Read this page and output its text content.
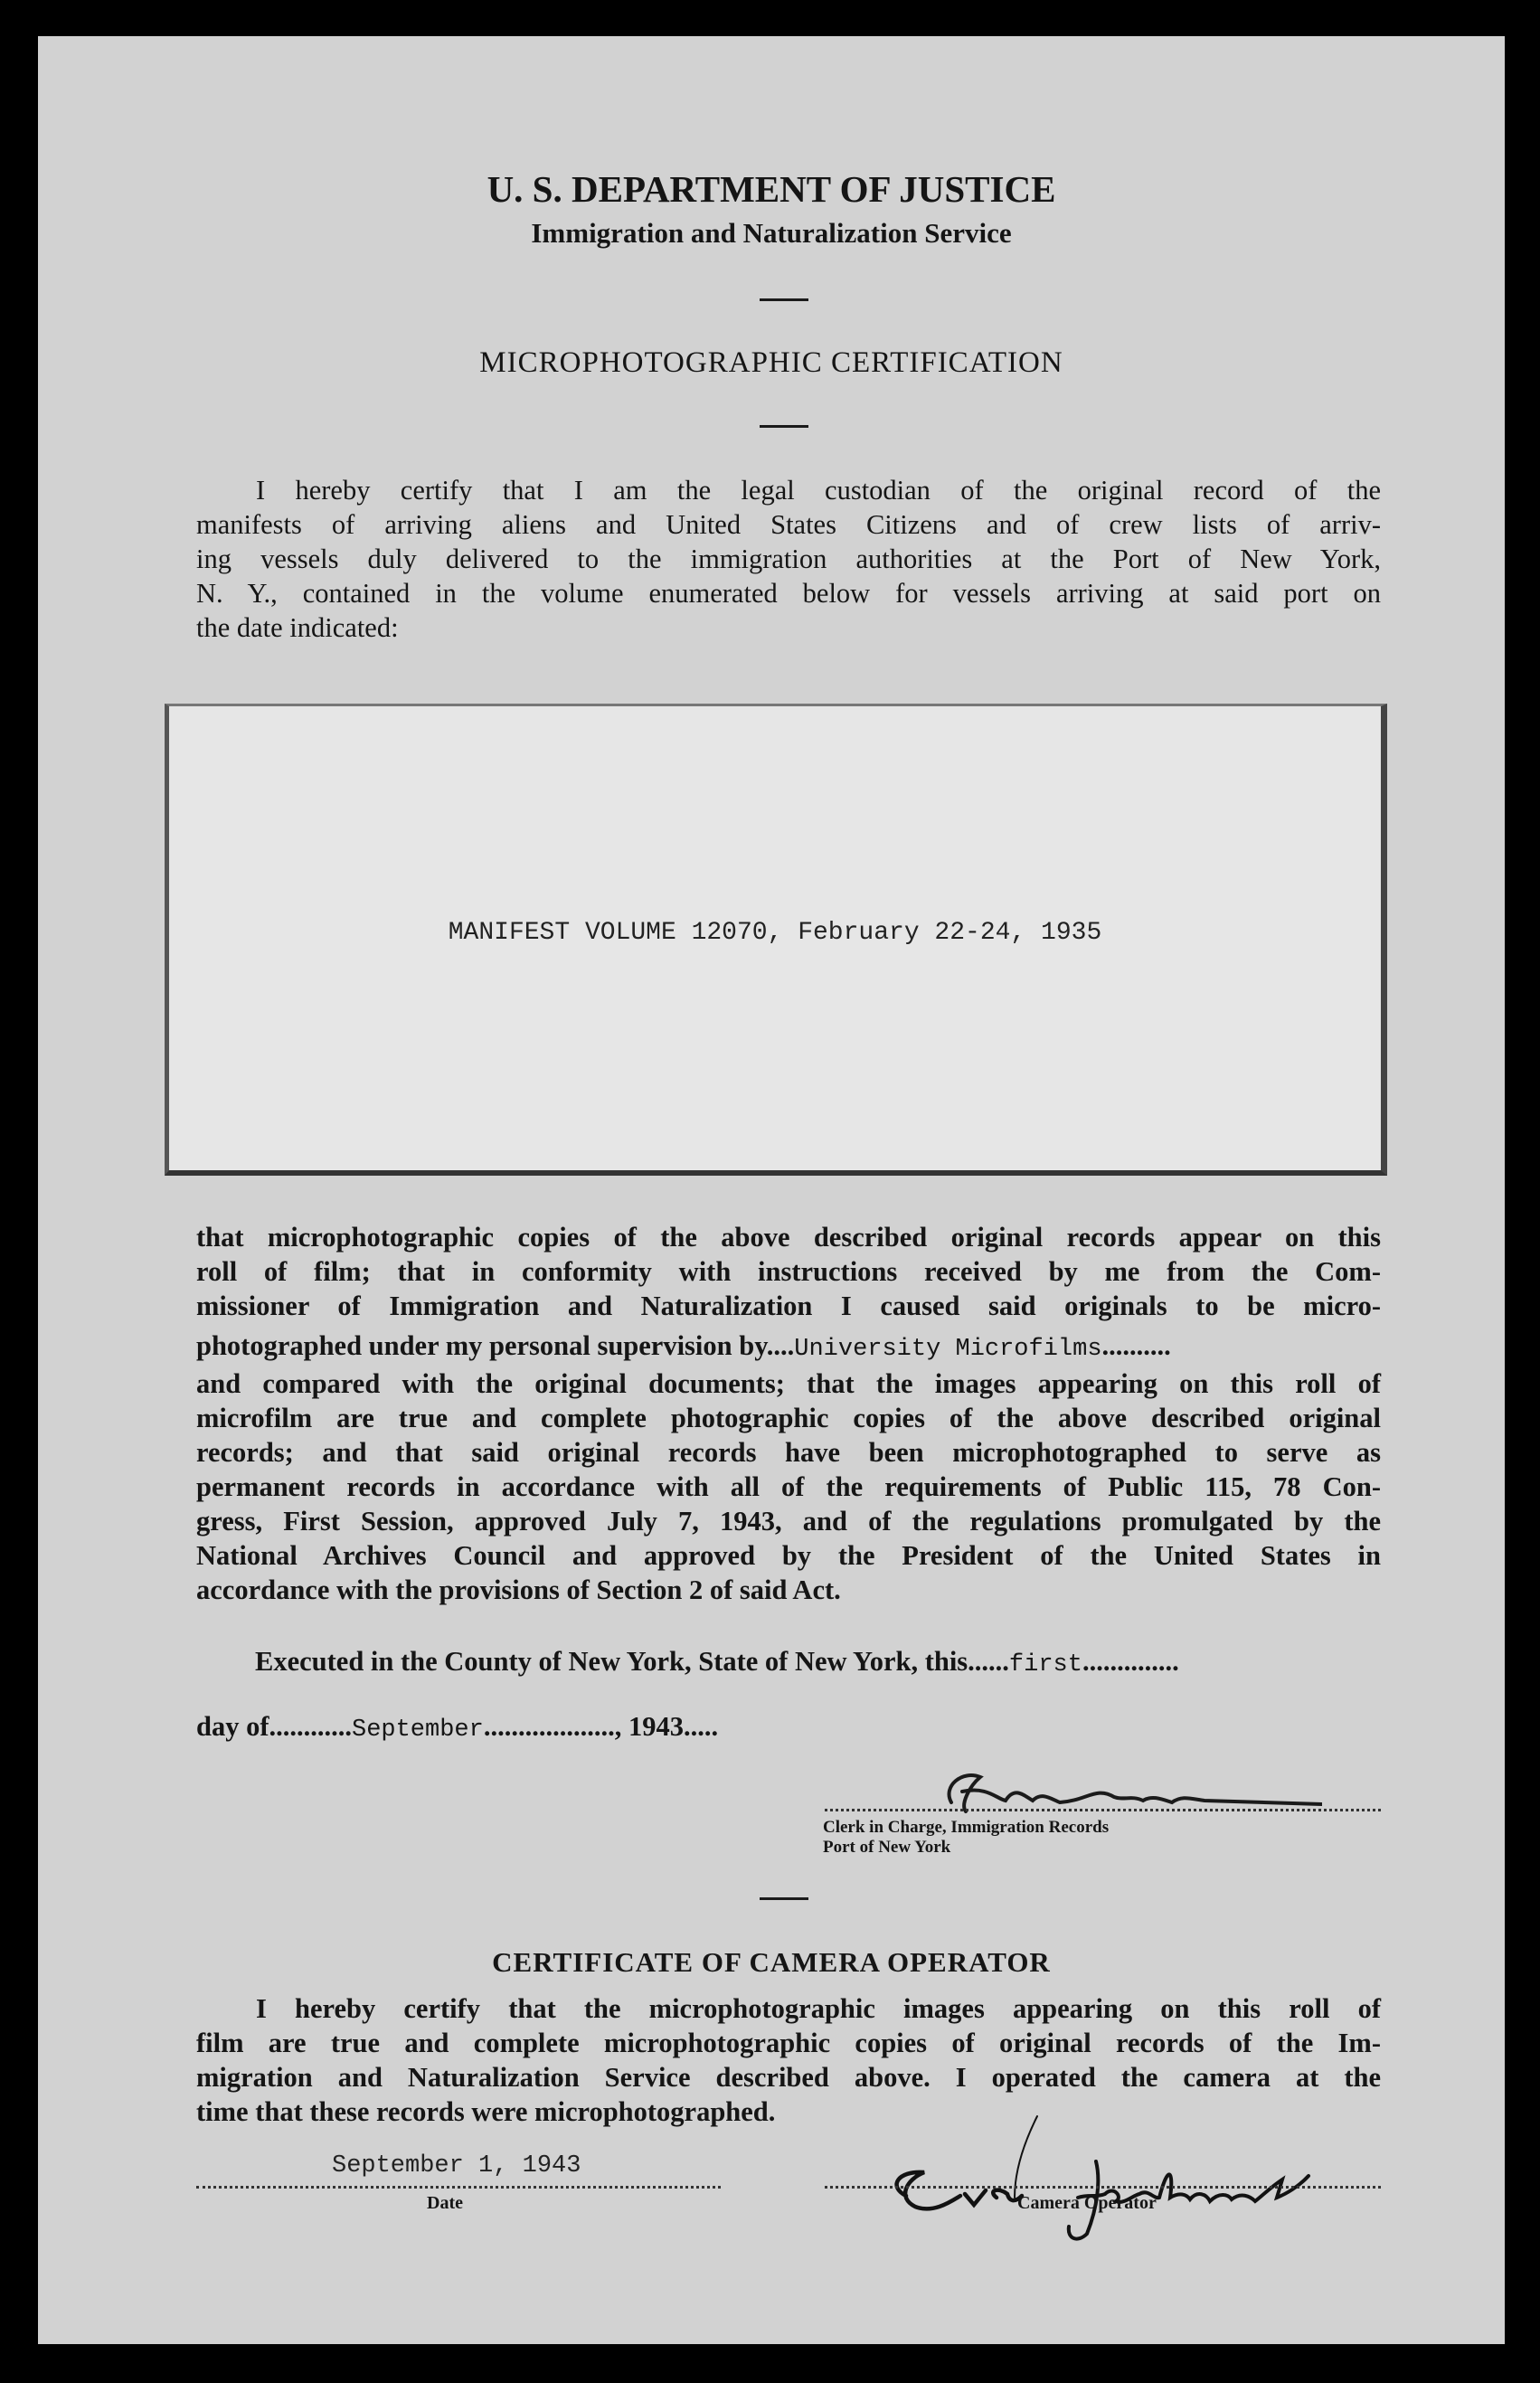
U. S. DEPARTMENT OF JUSTICE
Immigration and Naturalization Service
MICROPHOTOGRAPHIC CERTIFICATION
I hereby certify that I am the legal custodian of the original record of the
manifests of arriving aliens and United States Citizens and of crew lists of arriv-
ing vessels duly delivered to the immigration authorities at the Port of New York,
N. Y., contained in the volume enumerated below for vessels arriving at said port on
the date indicated:
MANIFEST VOLUME 12070, February 22-24, 1935
that microphotographic copies of the above described original records appear on this
roll of film; that in conformity with instructions received by me from the Com-
missioner of Immigration and Naturalization I caused said originals to be micro-
photographed under my personal supervision by....University Microfilms..........
and compared with the original documents; that the images appearing on this roll of
microfilm are true and complete photographic copies of the above described original
records; and that said original records have been microphotographed to serve as
permanent records in accordance with all of the requirements of Public 115, 78 Con-
gress, First Session, approved July 7, 1943, and of the regulations promulgated by the
National Archives Council and approved by the President of the United States in
accordance with the provisions of Section 2 of said Act.
Executed in the County of New York, State of New York, this......first..............
day of............September..................., 1943.....
Clerk in Charge, Immigration Records
Port of New York
CERTIFICATE OF CAMERA OPERATOR
I hereby certify that the microphotographic images appearing on this roll of
film are true and complete microphotographic copies of original records of the Im-
migration and Naturalization Service described above. I operated the camera at the
time that these records were microphotographed.
September 1, 1943
Date	Camera Operator
